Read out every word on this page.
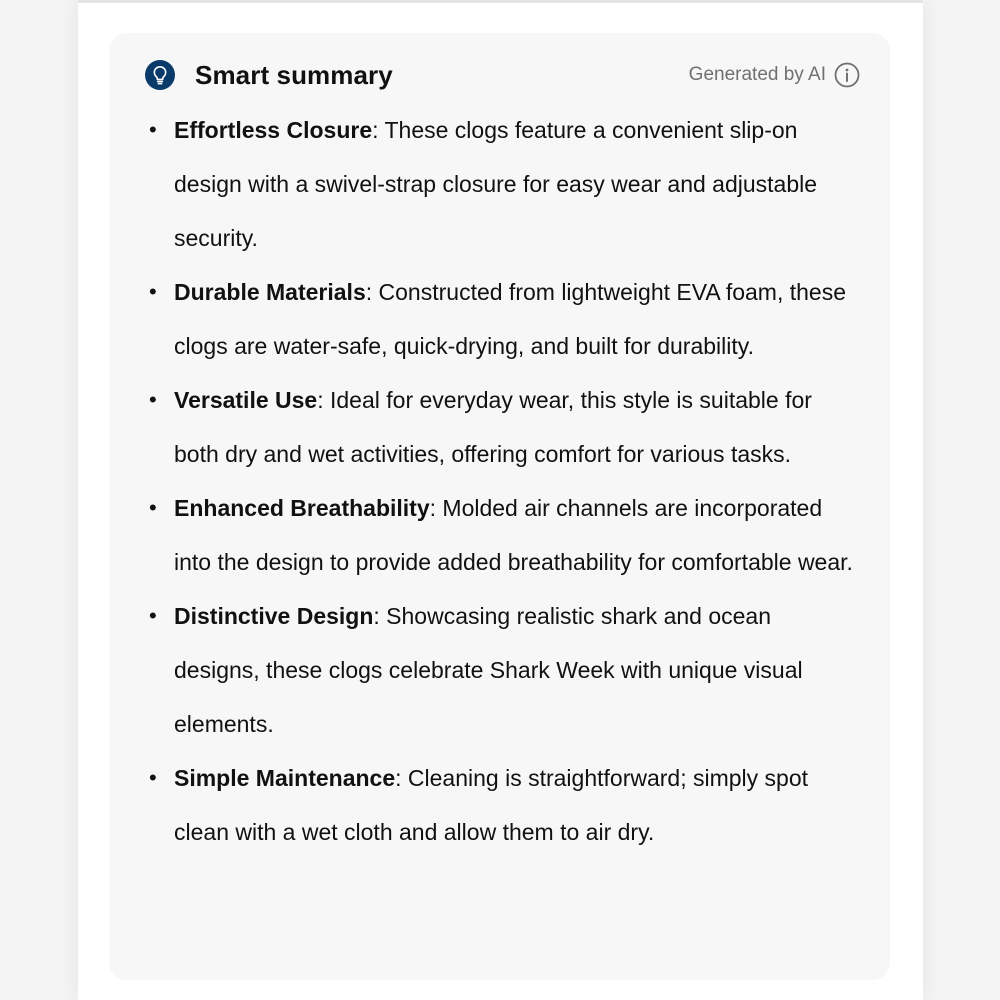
Smart summary	Generated by AI
• Effortless Closure: These clogs feature a convenient slip-on design with a swivel-strap closure for easy wear and adjustable security.
• Durable Materials: Constructed from lightweight EVA foam, these clogs are water-safe, quick-drying, and built for durability.
• Versatile Use: Ideal for everyday wear, this style is suitable for both dry and wet activities, offering comfort for various tasks.
• Enhanced Breathability: Molded air channels are incorporated into the design to provide added breathability for comfortable wear.
• Distinctive Design: Showcasing realistic shark and ocean designs, these clogs celebrate Shark Week with unique visual elements.
• Simple Maintenance: Cleaning is straightforward; simply spot clean with a wet cloth and allow them to air dry.
